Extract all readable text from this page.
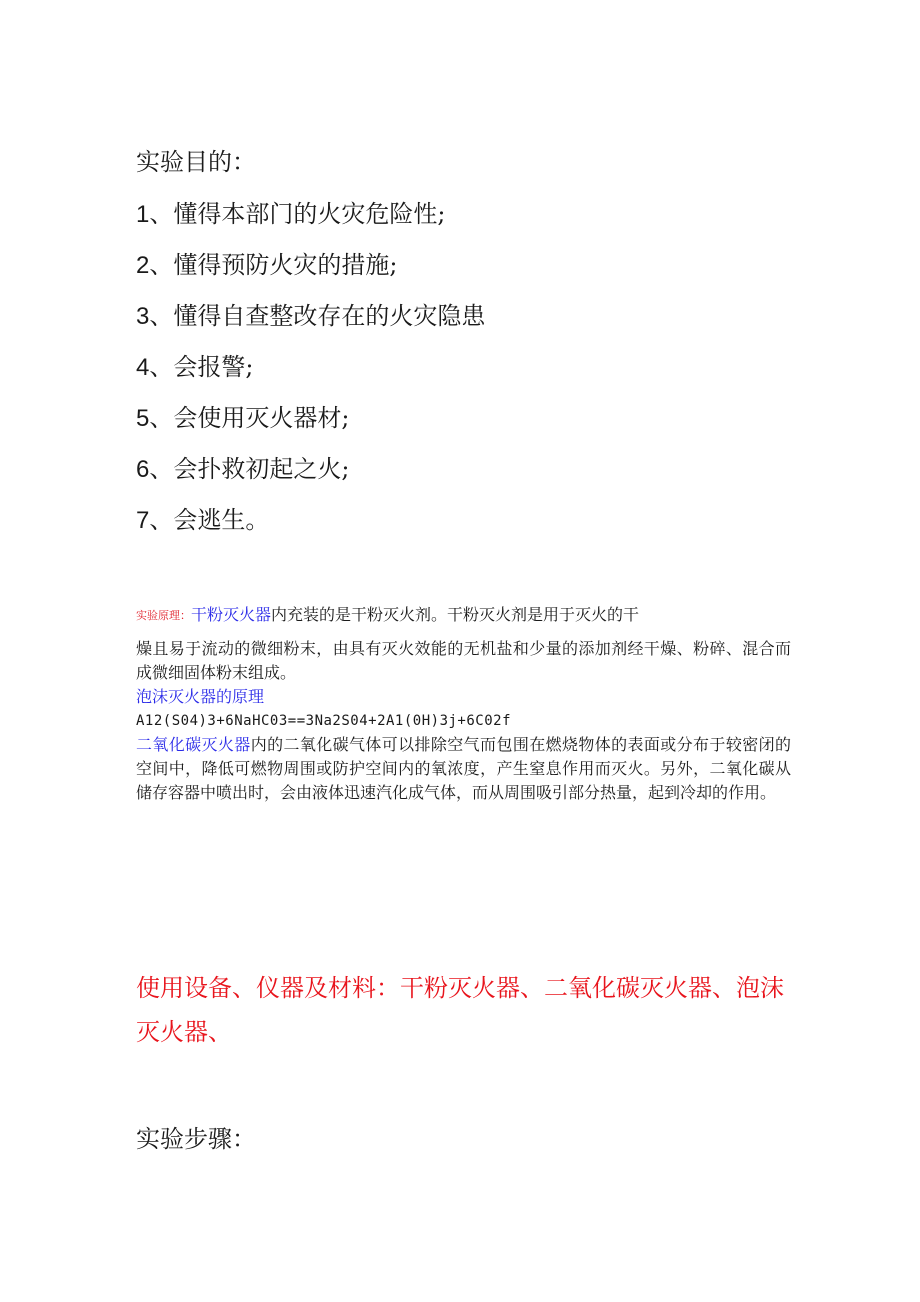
实验目的：
1、懂得本部门的火灾危险性;
2、懂得预防火灾的措施;
3、懂得自查整改存在的火灾隐患
4、会报警;
5、会使用灭火器材;
6、会扑救初起之火;
7、会逃生。

实验原理：干粉灭火器内充装的是干粉灭火剂。干粉灭火剂是用于灭火的干

燥且易于流动的微细粉末，由具有灭火效能的无机盐和少量的添加剂经干燥、粉碎、混合而成微细固体粉末组成。

泡沫灭火器的原理

A12(S04)3+6NaHC03==3Na2S04+2A1(0H)3j+6C02f

二氧化碳灭火器内的二氧化碳气体可以排除空气而包围在燃烧物体的表面或分布于较密闭的空间中，降低可燃物周围或防护空间内的氧浓度，产生窒息作用而灭火。另外，二氧化碳从储存容器中喷出时，会由液体迅速汽化成气体，而从周围吸引部分热量，起到冷却的作用。

使用设备、仪器及材料：干粉灭火器、二氧化碳灭火器、泡沫灭火器、

实验步骤：
